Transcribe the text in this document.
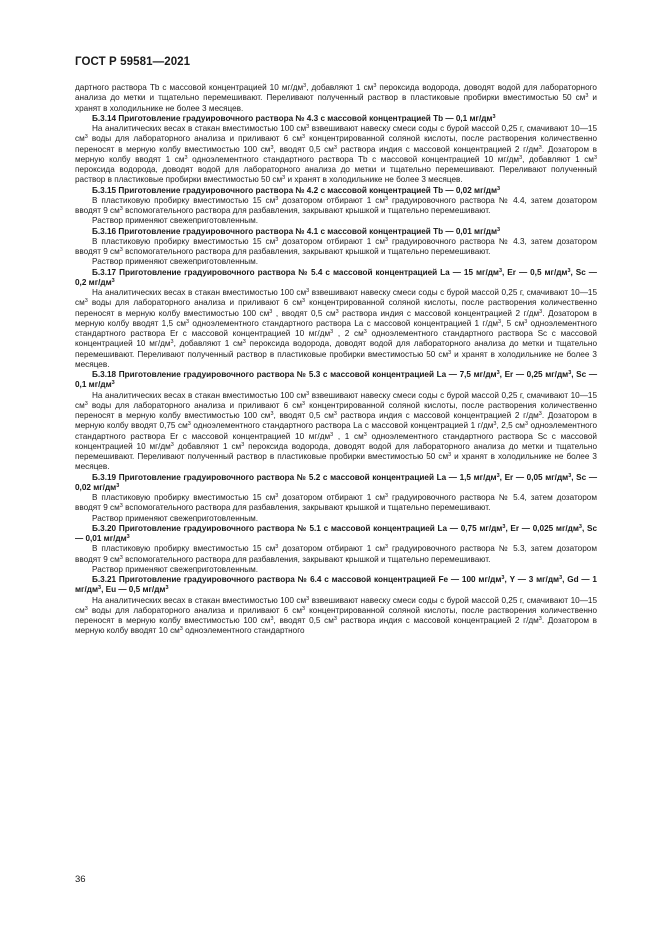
ГОСТ Р 59581—2021

дартного раствора Tb с массовой концентрацией 10 $мг/дм^3$, добавляют 1 $см^3$ пероксида водорода, доводят водой для лабораторного анализа до метки и тщательно перемешивают. Переливают полученный раствор в пластиковые пробирки вместимостью 50 $см^3$ и хранят в холодильнике не более 3 месяцев.

Б.3.14 Приготовление градуировочного раствора № 4.3 с массовой концентрацией Tb — 0,1 $мг/дм^3$

На аналитических весах в стакан вместимостью 100 $см^3$ взвешивают навеску смеси соды с бурой массой 0,25 г, смачивают 10—15 $см^3$ воды для лабораторного анализа и приливают 6 $см^3$ концентрированной соляной кислоты, после растворения количественно переносят в мерную колбу вместимостью 100 $см^3$, вводят 0,5 $см^3$ раствора индия с массовой концентрацией 2 $г/дм^3$. Дозатором в мерную колбу вводят 1 $см^3$ одноэлементного стандартного раствора Tb с массовой концентрацией 10 $мг/дм^3$, добавляют 1 $см^3$ пероксида водорода, доводят водой для лабораторного анализа до метки и тщательно перемешивают. Переливают полученный раствор в пластиковые пробирки вместимостью 50 $см^3$ и хранят в холодильнике не более 3 месяцев.

Б.3.15 Приготовление градуировочного раствора № 4.2 с массовой концентрацией Tb — 0,02 $мг/дм^3$

В пластиковую пробирку вместимостью 15 $см^3$ дозатором отбирают 1 $см^3$ градуировочного раствора № 4.4, затем дозатором вводят 9 $см^3$ вспомогательного раствора для разбавления, закрывают крышкой и тщательно перемешивают.

Раствор применяют свежеприготовленным.

Б.3.16 Приготовление градуировочного раствора № 4.1 с массовой концентрацией Tb — 0,01 $мг/дм^3$

В пластиковую пробирку вместимостью 15 $см^3$ дозатором отбирают 1 $см^3$ градуировочного раствора № 4.3, затем дозатором вводят 9 $см^3$ вспомогательного раствора для разбавления, закрывают крышкой и тщательно перемешивают.

Раствор применяют свежеприготовленным.

Б.3.17 Приготовление градуировочного раствора № 5.4 с массовой концентрацией La — 15 $мг/дм^3$, Er — 0,5 $мг/дм^3$, Sc — 0,2 $мг/дм^3$

На аналитических весах в стакан вместимостью 100 $см^3$ взвешивают навеску смеси соды с бурой массой 0,25 г, смачивают 10—15 $см^3$ воды для лабораторного анализа и приливают 6 $см^3$ концентрированной соляной кислоты, после растворения количественно переносят в мерную колбу вместимостью 100 $см^3$ , вводят 0,5 $см^3$ раствора индия с массовой концентрацией 2 $г/дм^3$. Дозатором в мерную колбу вводят 1,5 $см^3$ одноэлементного стандартного раствора La с массовой концентрацией 1 $г/дм^3$, 5 $см^3$ одноэлементного стандартного раствора Er с массовой концентрацией 10 $мг/дм^3$ , 2 $см^3$ одноэлементного стандартного раствора Sc с массовой концентрацией 10 $мг/дм^3$, добавляют 1 $см^3$ пероксида водорода, доводят водой для лабораторного анализа до метки и тщательно перемешивают. Переливают полученный раствор в пластиковые пробирки вместимостью 50 $см^3$ и хранят в холодильнике не более 3 месяцев.

Б.3.18 Приготовление градуировочного раствора № 5.3 с массовой концентрацией La — 7,5 $мг/дм^3$, Er — 0,25 $мг/дм^3$, Sc — 0,1 $мг/дм^3$

На аналитических весах в стакан вместимостью 100 $см^3$ взвешивают навеску смеси соды с бурой массой 0,25 г, смачивают 10—15 $см^3$ воды для лабораторного анализа и приливают 6 $см^3$ концентрированной соляной кислоты, после растворения количественно переносят в мерную колбу вместимостью 100 $см^3$, вводят 0,5 $см^3$ раствора индия с массовой концентрацией 2 $г/дм^3$. Дозатором в мерную колбу вводят 0,75 $см^3$ одноэлементного стандартного раствора La с массовой концентрацией 1 $г/дм^3$, 2,5 $см^3$ одноэлементного стандартного раствора Er с массовой концентрацией 10 $мг/дм^3$ , 1 $см^3$ одноэлементного стандартного раствора Sc с массовой концентрацией 10 $мг/дм^3$ добавляют 1 $см^3$ пероксида водорода, доводят водой для лабораторного анализа до метки и тщательно перемешивают. Переливают полученный раствор в пластиковые пробирки вместимостью 50 $см^3$ и хранят в холодильнике не более 3 месяцев.

Б.3.19 Приготовление градуировочного раствора № 5.2 с массовой концентрацией La — 1,5 $мг/дм^3$, Er — 0,05 $мг/дм^3$, Sc — 0,02 $мг/дм^3$

В пластиковую пробирку вместимостью 15 $см^3$ дозатором отбирают 1 $см^3$ градуировочного раствора № 5.4, затем дозатором вводят 9 $см^3$ вспомогательного раствора для разбавления, закрывают крышкой и тщательно перемешивают.

Раствор применяют свежеприготовленным.

Б.3.20 Приготовление градуировочного раствора № 5.1 с массовой концентрацией La — 0,75 $мг/дм^3$, Er — 0,025 $мг/дм^3$, Sc — 0,01 $мг/дм^3$

В пластиковую пробирку вместимостью 15 $см^3$ дозатором отбирают 1 $см^3$ градуировочного раствора № 5.3, затем дозатором вводят 9 $см^3$ вспомогательного раствора для разбавления, закрывают крышкой и тщательно перемешивают.

Раствор применяют свежеприготовленным.

Б.3.21 Приготовление градуировочного раствора № 6.4 с массовой концентрацией Fe — 100 $мг/дм^3$, Y — 3 $мг/дм^3$, Gd — 1 $мг/дм^3$, Eu — 0,5 $мг/дм^3$

На аналитических весах в стакан вместимостью 100 $см^3$ взвешивают навеску смеси соды с бурой массой 0,25 г, смачивают 10—15 $см^3$ воды для лабораторного анализа и приливают 6 $см^3$ концентрированной соляной кислоты, после растворения количественно переносят в мерную колбу вместимостью 100 $см^3$, вводят 0,5 $см^3$ раствора индия с массовой концентрацией 2 $г/дм^3$. Дозатором в мерную колбу вводят 10 $см^3$ одноэлементного стандартного

36
